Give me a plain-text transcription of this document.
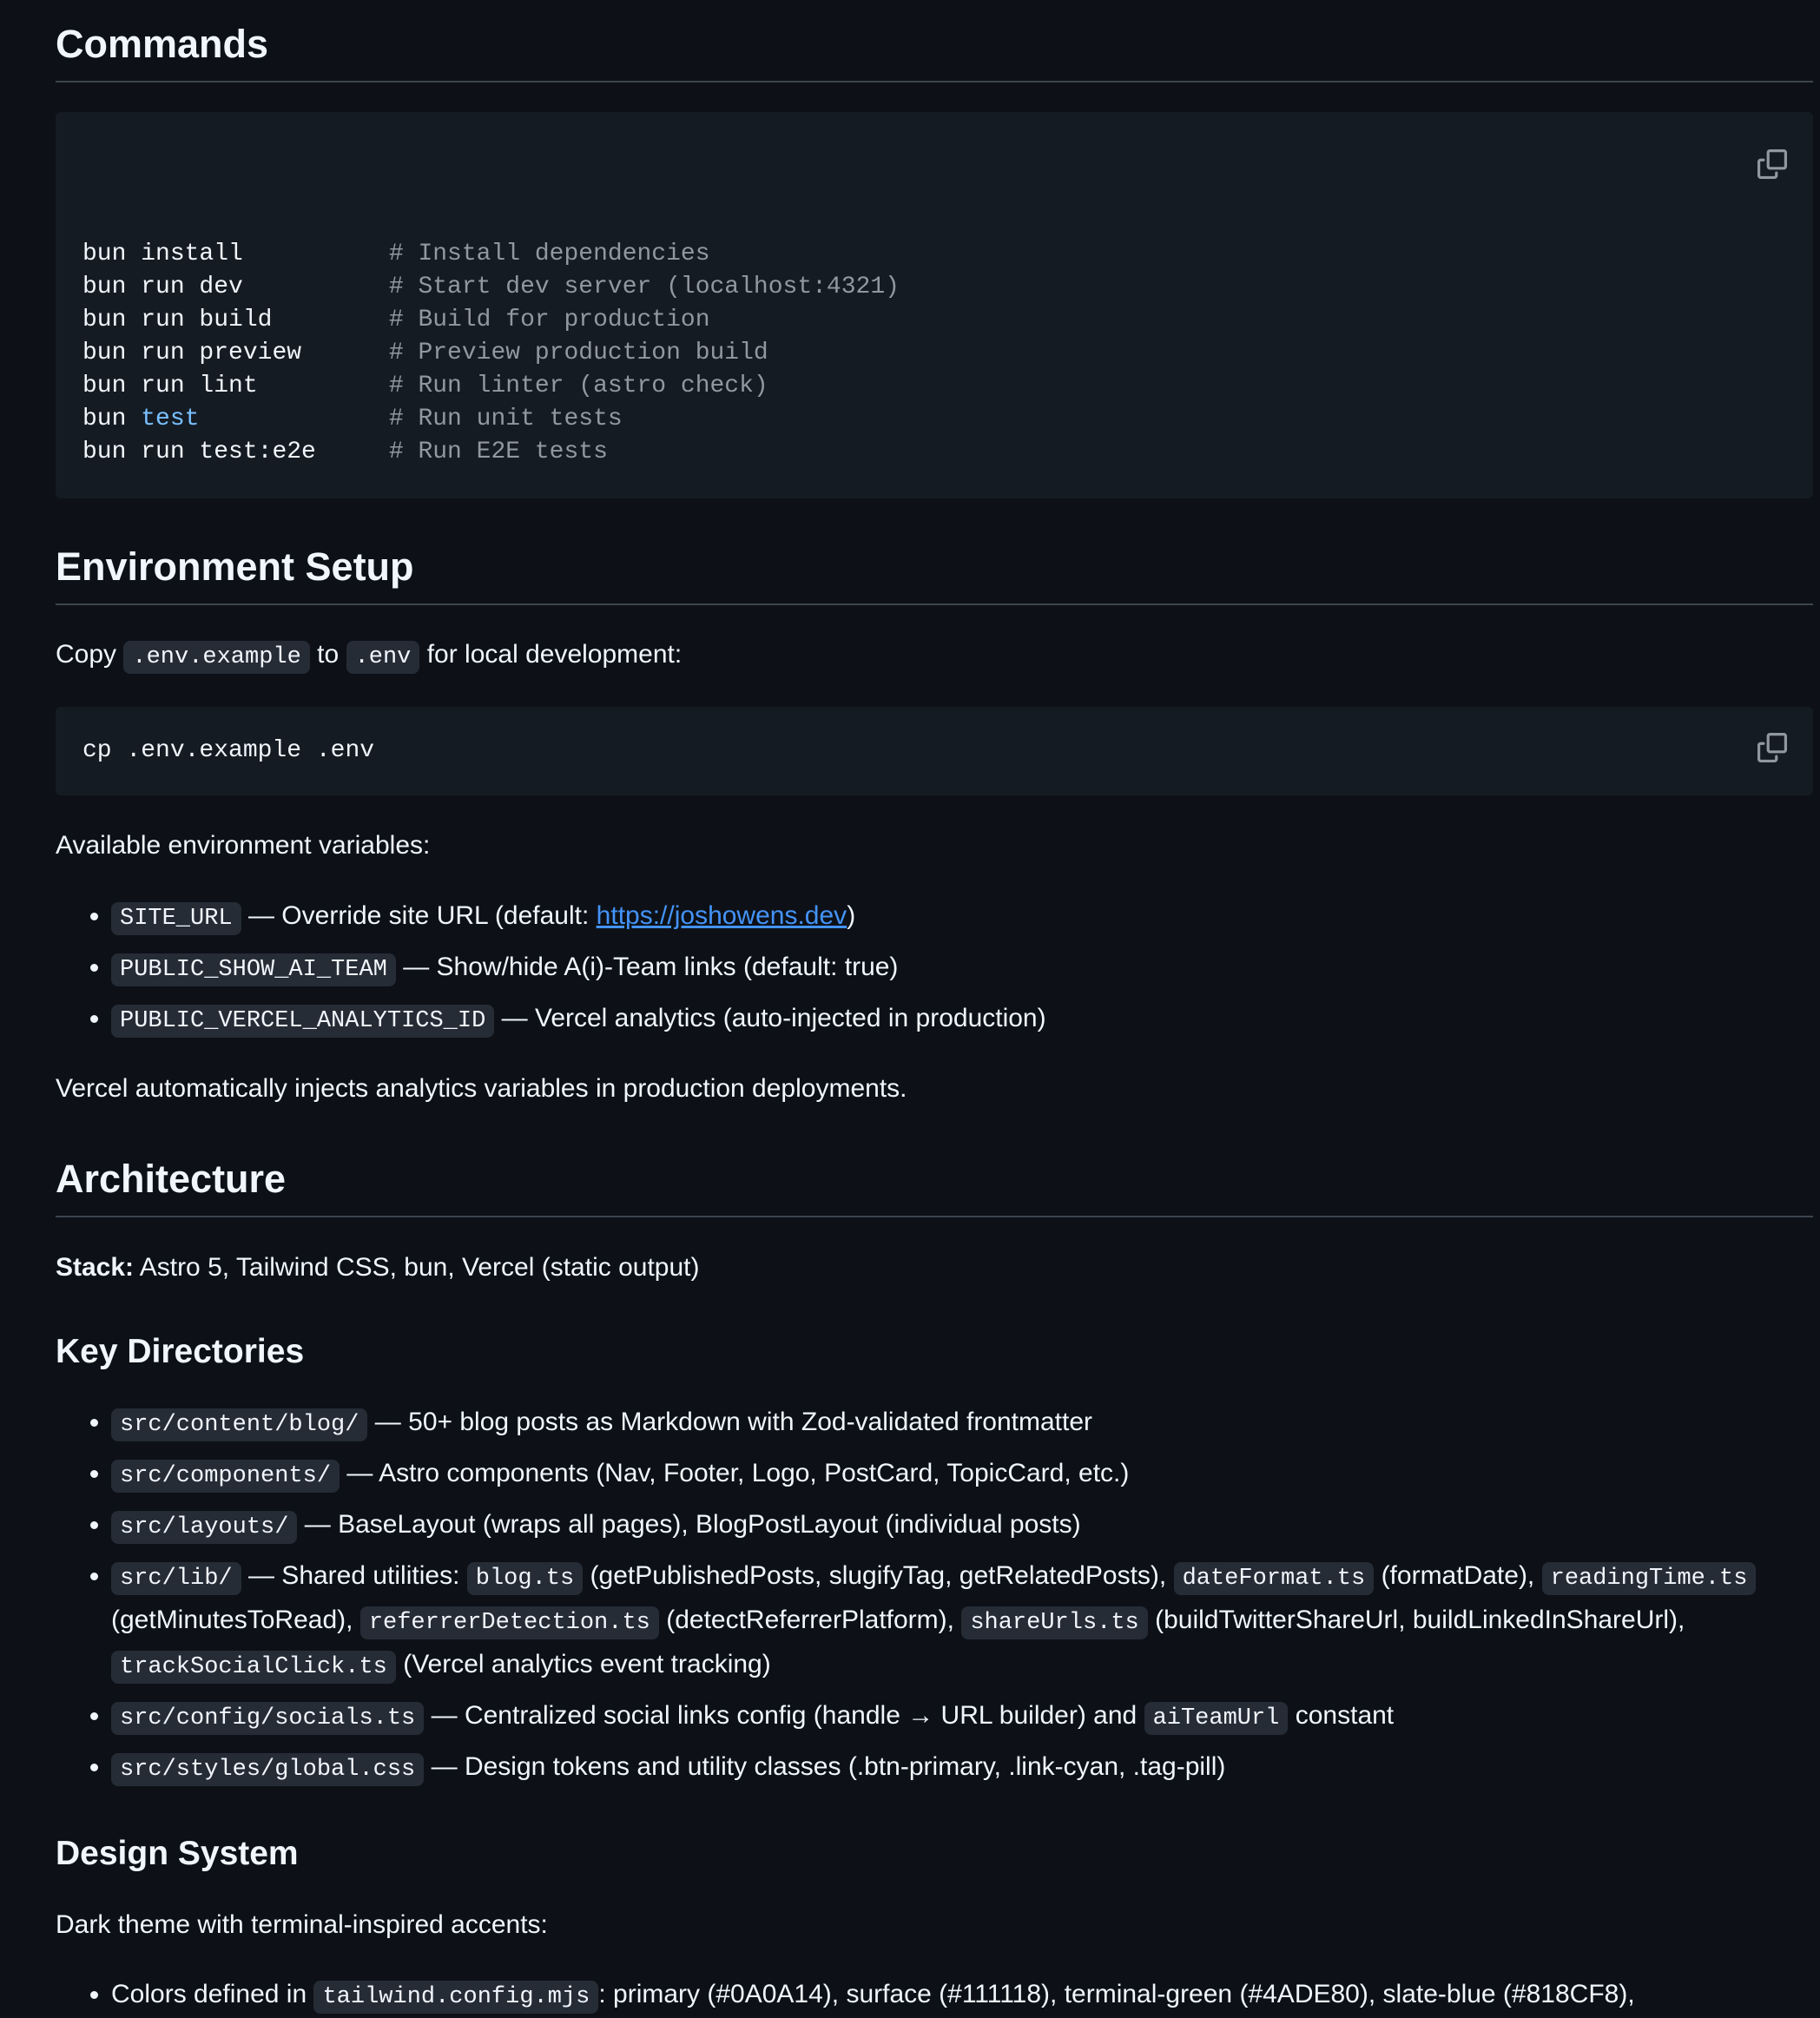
Commands

bun install	# Install dependencies
bun run dev	# Start dev server (localhost:4321)
bun run build	# Build for production
bun run preview	# Preview production build
bun run lint	# Run linter (astro check)
bun test	# Run unit tests
bun run test:e2e	# Run E2E tests
Environment Setup

Copy .env.example to .env for local development:

cp .env.example .env

Available environment variables:

• SITE_URL — Override site URL (default: https://joshowens.dev)
• PUBLIC_SHOW_AI_TEAM — Show/hide A(i)-Team links (default: true)
• PUBLIC_VERCEL_ANALYTICS_ID — Vercel analytics (auto-injected in production)

Vercel automatically injects analytics variables in production deployments.

Architecture

Stack: Astro 5, Tailwind CSS, bun, Vercel (static output)

Key Directories
• src/content/blog/ — 50+ blog posts as Markdown with Zod-validated frontmatter
• src/components/ — Astro components (Nav, Footer, Logo, PostCard, TopicCard, etc.)
• src/layouts/ — BaseLayout (wraps all pages), BlogPostLayout (individual posts)
• src/lib/ — Shared utilities: blog.ts (getPublishedPosts, slugifyTag, getRelatedPosts), dateFormat.ts (formatDate), readingTime.ts (getMinutesToRead), referrerDetection.ts (detectReferrerPlatform), shareUrls.ts (buildTwitterShareUrl, buildLinkedInShareUrl), trackSocialClick.ts (Vercel analytics event tracking)
• src/config/socials.ts — Centralized social links config (handle → URL builder) and aiTeamUrl constant
• src/styles/global.css — Design tokens and utility classes (.btn-primary, .link-cyan, .tag-pill)
Design System

Dark theme with terminal-inspired accents:

• Colors defined in tailwind.config.mjs : primary (#0A0A14), surface (#111118), terminal-green (#4ADE80), slate-blue (#818CF8),
